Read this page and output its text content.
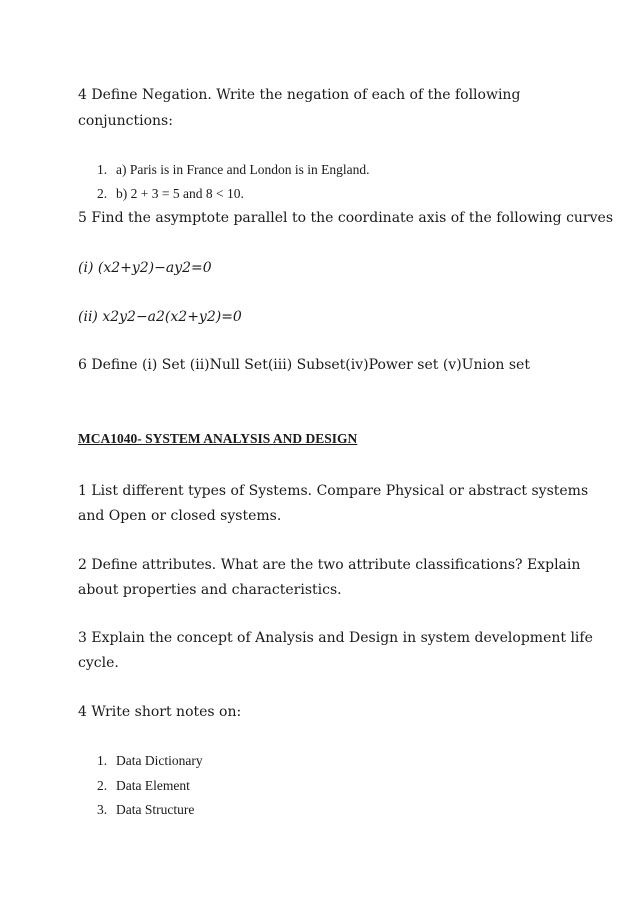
4 Define Negation. Write the negation of each of the following
conjunctions:
1. a) Paris is in France and London is in England.
2. b) 2 + 3 = 5 and 8 < 10.
5 Find the asymptote parallel to the coordinate axis of the following curves
(i) (𝑥2+𝑦2)−𝑎𝑦2=0
(ii) 𝑥2𝑦2−𝑎2(𝑥2+𝑦2)=0
6 Define (i) Set (ii)Null Set(iii) Subset(iv)Power set (v)Union set
MCA1040- SYSTEM ANALYSIS AND DESIGN
1 List different types of Systems. Compare Physical or abstract systems
and Open or closed systems.
2 Define attributes. What are the two attribute classifications? Explain
about properties and characteristics.
3 Explain the concept of Analysis and Design in system development life
cycle.
4 Write short notes on:
1. Data Dictionary
2. Data Element
3. Data Structure
